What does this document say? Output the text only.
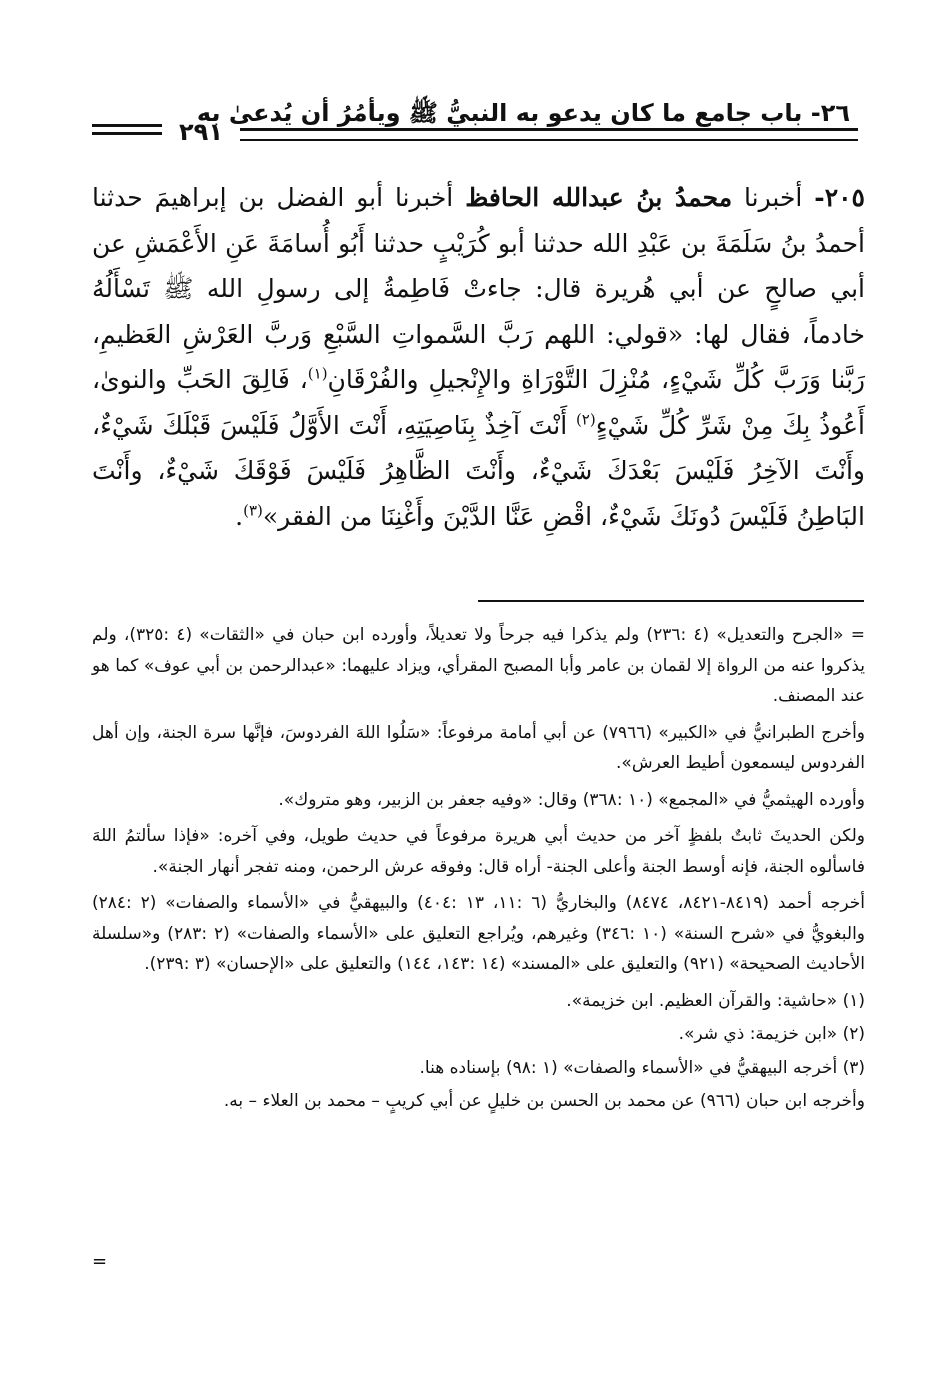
٢٦- باب جامع ما كان يدعو به النبيُّ ﷺ ويأمُرُ أن يُدعىٰ به
٢٩١

٢٠٥- أخبرنا محمدُ بنُ عبدالله الحافظ أخبرنا أبو الفضل بن إبراهيمَ حدثنا أحمدُ بنُ سَلَمَةَ بن عَبْدِ الله حدثنا أبو كُرَيْبٍ حدثنا أَبُو أُسامَةَ عَنِ الأَعْمَشِ عن أبي صالحٍ عن أبي هُريرة قال: جاءتْ فَاطِمةُ إلى رسولِ الله ﷺ تَسْأَلُهُ خادماً، فقال لها: «قولي: اللهم رَبَّ السَّمواتِ السَّبْعِ وَربَّ العَرْشِ العَظيمِ، رَبَّنا وَرَبَّ كُلِّ شَيْءٍ، مُنْزِلَ التَّوْرَاةِ والإِنْجيلِ والفُرْقَانِ$^{(١)}$، فَالِقَ الحَبِّ والنوىٰ، أَعُوذُ بِكَ مِنْ شَرِّ كُلِّ شَيْءٍ$^{(٢)}$ أَنْتَ آخِذٌ بِنَاصِيَتِهِ، أَنْتَ الأَوَّلُ فَلَيْسَ قَبْلَكَ شَيْءٌ، وأَنْتَ الآخِرُ فَلَيْسَ بَعْدَكَ شَيْءٌ، وأَنْتَ الظَّاهِرُ فَلَيْسَ فَوْقَكَ شَيْءٌ، وأَنْتَ البَاطِنُ فَلَيْسَ دُونَكَ شَيْءٌ، اقْضِ عَنَّا الدَّيْنَ وأَغْنِنَا من الفقر»$^{(٣)}$.

= «الجرح والتعديل» (٤ :٢٣٦) ولم يذكرا فيه جرحاً ولا تعديلاً، وأورده ابن حبان في «الثقات» (٤ :٣٢٥)، ولم يذكروا عنه من الرواة إلا لقمان بن عامر وأبا المصبح المقرأي، ويزاد عليهما: «عبدالرحمن بن أبي عوف» كما هو عند المصنف.

وأخرج الطبرانيُّ في «الكبير» (٧٩٦٦) عن أبي أمامة مرفوعاً: «سَلُوا اللهَ الفردوسَ، فإنَّها سرة الجنة، وإن أهل الفردوس ليسمعون أطيط العرش».

وأورده الهيثميُّ في «المجمع» (١٠ :٣٦٨) وقال: «وفيه جعفر بن الزبير، وهو متروك».

ولكن الحديثَ ثابتٌ بلفظٍ آخر من حديث أبي هريرة مرفوعاً في حديث طويل، وفي آخره: «فإذا سألتمُ اللهَ فاسألوه الجنة، فإنه أوسط الجنة وأعلى الجنة- أراه قال: وفوقه عرش الرحمن، ومنه تفجر أنهار الجنة».

أخرجه أحمد (٨٤١٩-٨٤٢١، ٨٤٧٤) والبخاريُّ (٦ :١١، ١٣ :٤٠٤) والبيهقيُّ في «الأسماء والصفات» (٢ :٢٨٤) والبغويُّ في «شرح السنة» (١٠ :٣٤٦) وغيرهم، ويُراجع التعليق على «الأسماء والصفات» (٢ :٢٨٣) و«سلسلة الأحاديث الصحيحة» (٩٢١) والتعليق على «المسند» (١٤ :١٤٣، ١٤٤) والتعليق على «الإحسان» (٣ :٢٣٩).

(١) «حاشية: والقرآن العظيم. ابن خزيمة».

(٢) «ابن خزيمة: ذي شر».

(٣) أخرجه البيهقيُّ في «الأسماء والصفات» (١ :٩٨) بإسناده هنا.

وأخرجه ابن حبان (٩٦٦) عن محمد بن الحسن بن خليلٍ عن أبي كريبٍ – محمد بن العلاء – به.

=
